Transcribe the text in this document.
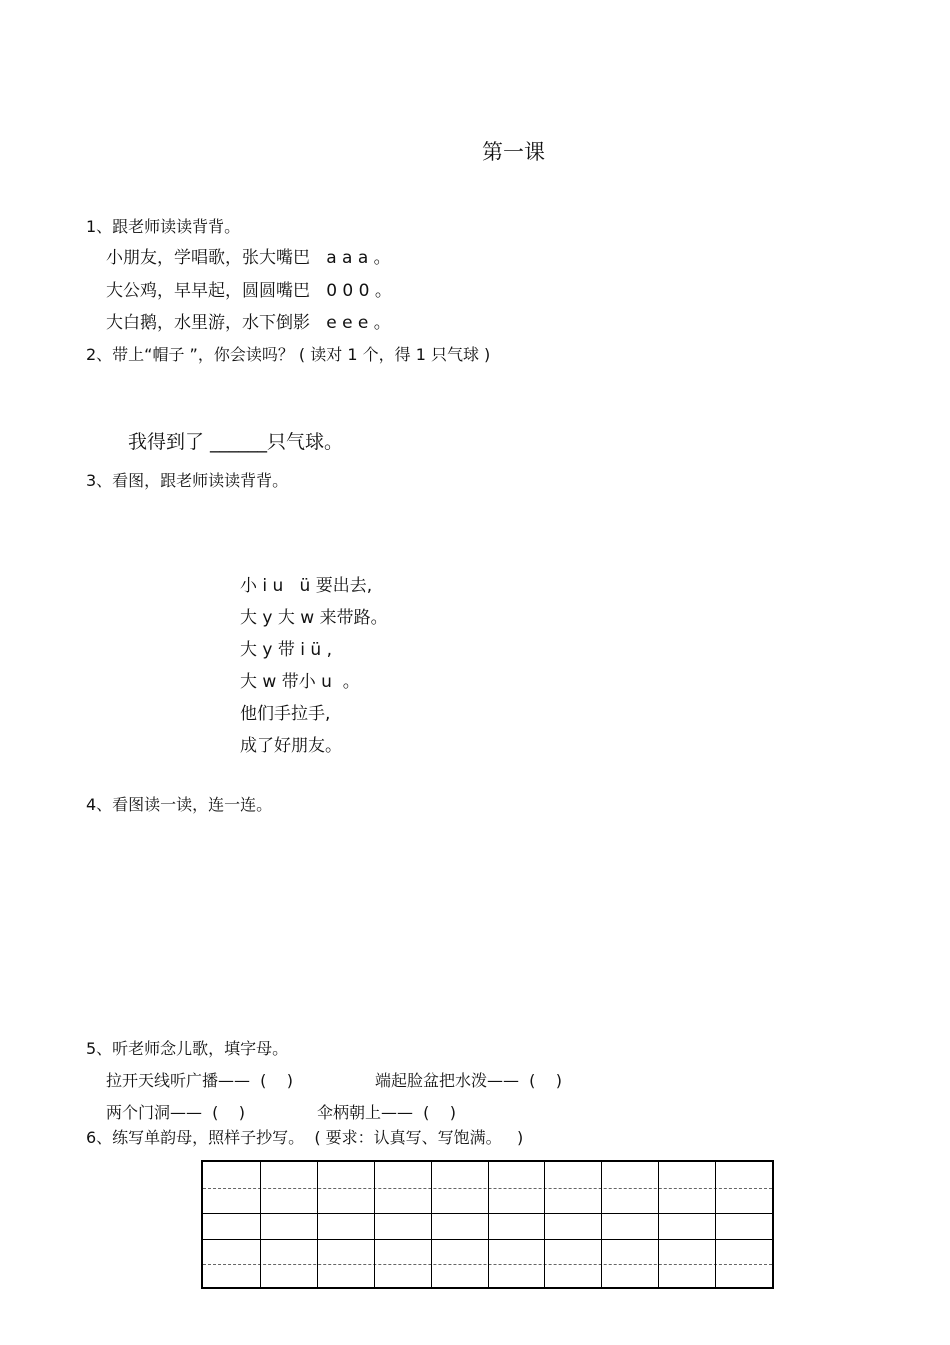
第一课
1、跟老师读读背背。
小朋友，学唱歌，张大嘴巴   a a a 。
大公鸡，早早起，圆圆嘴巴   0 0 0 。
大白鹅，水里游，水下倒影   e e e 。
2、带上“帽子 ”，你会读吗？ ( 读对 1 个，得 1 只气球 )
我得到了 ______只气球。
3、看图，跟老师读读背背。
小 i u   ü 要出去,
大 y 大 w 来带路。
大 y 带 i ü ,
大 w 带小 u  。
他们手拉手,
成了好朋友。
4、看图读一读，连一连。
5、听老师念儿歌，填字母。
拉开天线听广播——  (    )	端起脸盆把水泼——  (    )
两个门洞——  (    )	伞柄朝上——  (    )
6、练写单韵母，照样子抄写。  ( 要求：认真写、写饱满。   )
